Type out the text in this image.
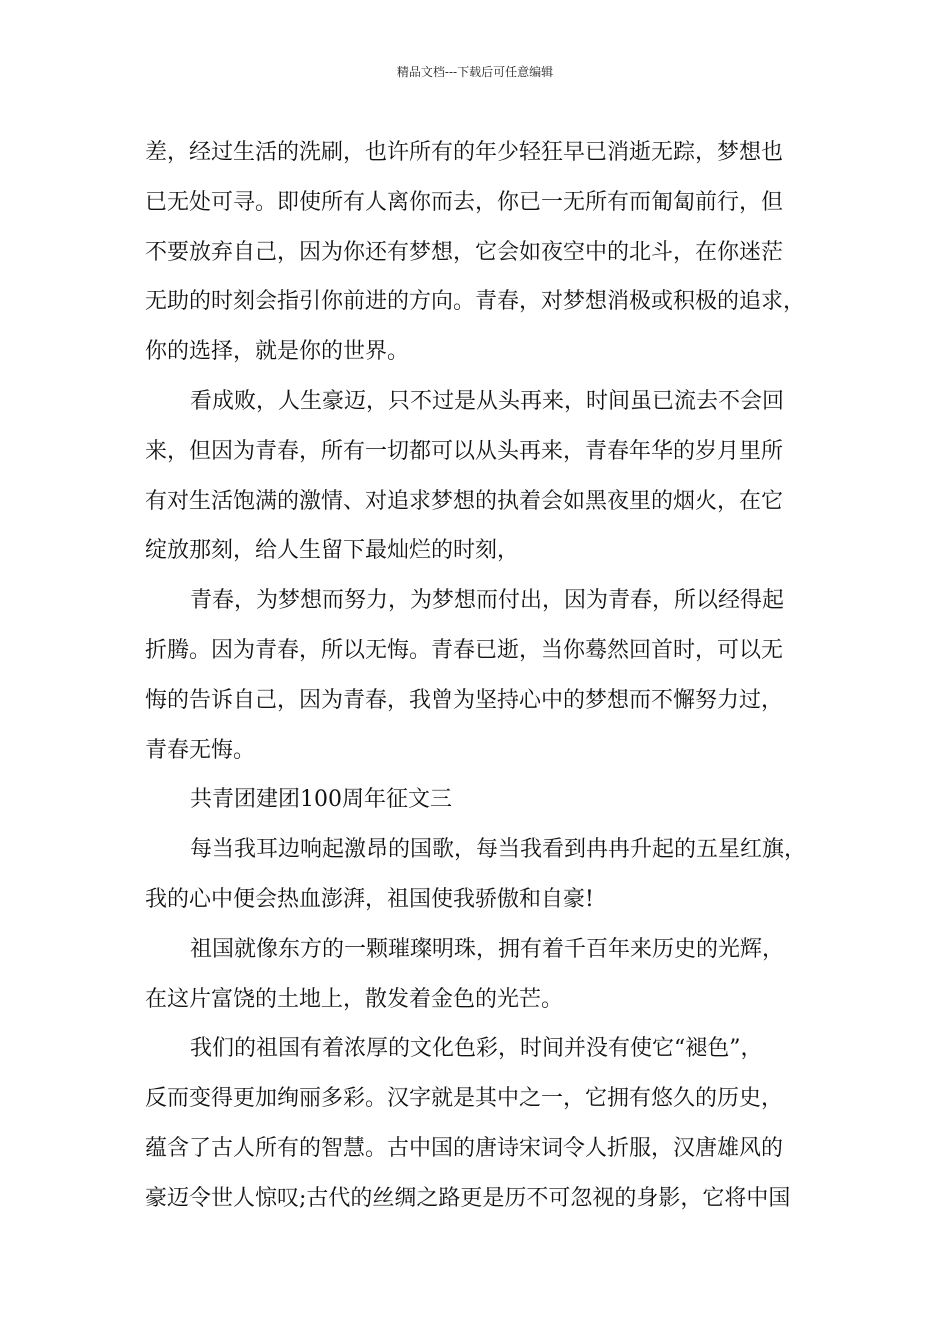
精品文档---下载后可任意编辑
差，经过生活的洗刷，也许所有的年少轻狂早已消逝无踪，梦想也
已无处可寻。即使所有人离你而去，你已一无所有而匍匐前行，但
不要放弃自己，因为你还有梦想，它会如夜空中的北斗，在你迷茫
无助的时刻会指引你前进的方向。青春，对梦想消极或积极的追求，
你的选择，就是你的世界。
看成败，人生豪迈，只不过是从头再来，时间虽已流去不会回
来，但因为青春，所有一切都可以从头再来，青春年华的岁月里所
有对生活饱满的激情、对追求梦想的执着会如黑夜里的烟火，在它
绽放那刻，给人生留下最灿烂的时刻，
青春，为梦想而努力，为梦想而付出，因为青春，所以经得起
折腾。因为青春，所以无悔。青春已逝，当你蓦然回首时，可以无
悔的告诉自己，因为青春，我曾为坚持心中的梦想而不懈努力过，
青春无悔。
共青团建团100周年征文三
每当我耳边响起激昂的国歌，每当我看到冉冉升起的五星红旗，
我的心中便会热血澎湃，祖国使我骄傲和自豪!
祖国就像东方的一颗璀璨明珠，拥有着千百年来历史的光辉，
在这片富饶的土地上，散发着金色的光芒。
我们的祖国有着浓厚的文化色彩，时间并没有使它“褪色”，
反而变得更加绚丽多彩。汉字就是其中之一，它拥有悠久的历史，
蕴含了古人所有的智慧。古中国的唐诗宋词令人折服，汉唐雄风的
豪迈令世人惊叹;古代的丝绸之路更是历不可忽视的身影，它将中国
